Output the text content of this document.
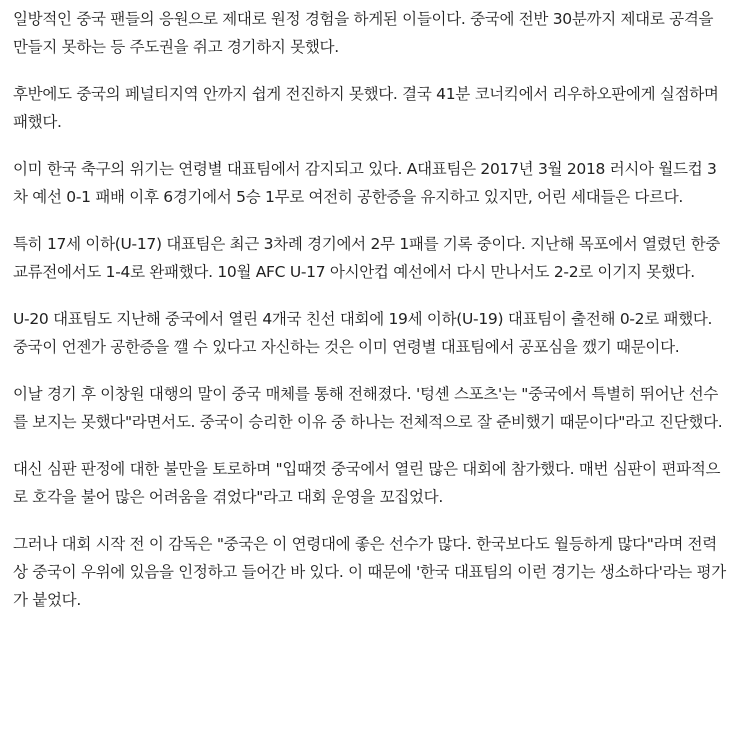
일방적인 중국 팬들의 응원으로 제대로 원정 경험을 하게된 이들이다. 중국에 전반 30분까지 제대로 공격을 만들지 못하는 등 주도권을 쥐고 경기하지 못했다.

후반에도 중국의 페널티지역 안까지 쉽게 전진하지 못했다. 결국 41분 코너킥에서 리우하오판에게 실점하며 패했다.

이미 한국 축구의 위기는 연령별 대표팀에서 감지되고 있다. A대표팀은 2017년 3월 2018 러시아 월드컵 3차 예선 0-1 패배 이후 6경기에서 5승 1무로 여전히 공한증을 유지하고 있지만, 어린 세대들은 다르다.

특히 17세 이하(U-17) 대표팀은 최근 3차례 경기에서 2무 1패를 기록 중이다. 지난해 목포에서 열렸던 한중 교류전에서도 1-4로 완패했다. 10월 AFC U-17 아시안컵 예선에서 다시 만나서도 2-2로 이기지 못했다.

U-20 대표팀도 지난해 중국에서 열린 4개국 친선 대회에 19세 이하(U-19) 대표팀이 출전해 0-2로 패했다. 중국이 언젠가 공한증을 깰 수 있다고 자신하는 것은 이미 연령별 대표팀에서 공포심을 깼기 때문이다.

이날 경기 후 이창원 대행의 말이 중국 매체를 통해 전해졌다. '텅셴 스포츠'는 "중국에서 특별히 뛰어난 선수를 보지는 못했다"라면서도. 중국이 승리한 이유 중 하나는 전체적으로 잘 준비했기 때문이다"라고 진단했다.

대신 심판 판정에 대한 불만을 토로하며 "입때껏 중국에서 열린 많은 대회에 참가했다. 매번 심판이 편파적으로 호각을 불어 많은 어려움을 겪었다"라고 대회 운영을 꼬집었다.

그러나 대회 시작 전 이 감독은 "중국은 이 연령대에 좋은 선수가 많다. 한국보다도 월등하게 많다"라며 전력상 중국이 우위에 있음을 인정하고 들어간 바 있다. 이 때문에 '한국 대표팀의 이런 경기는 생소하다'라는 평가가 붙었다.
